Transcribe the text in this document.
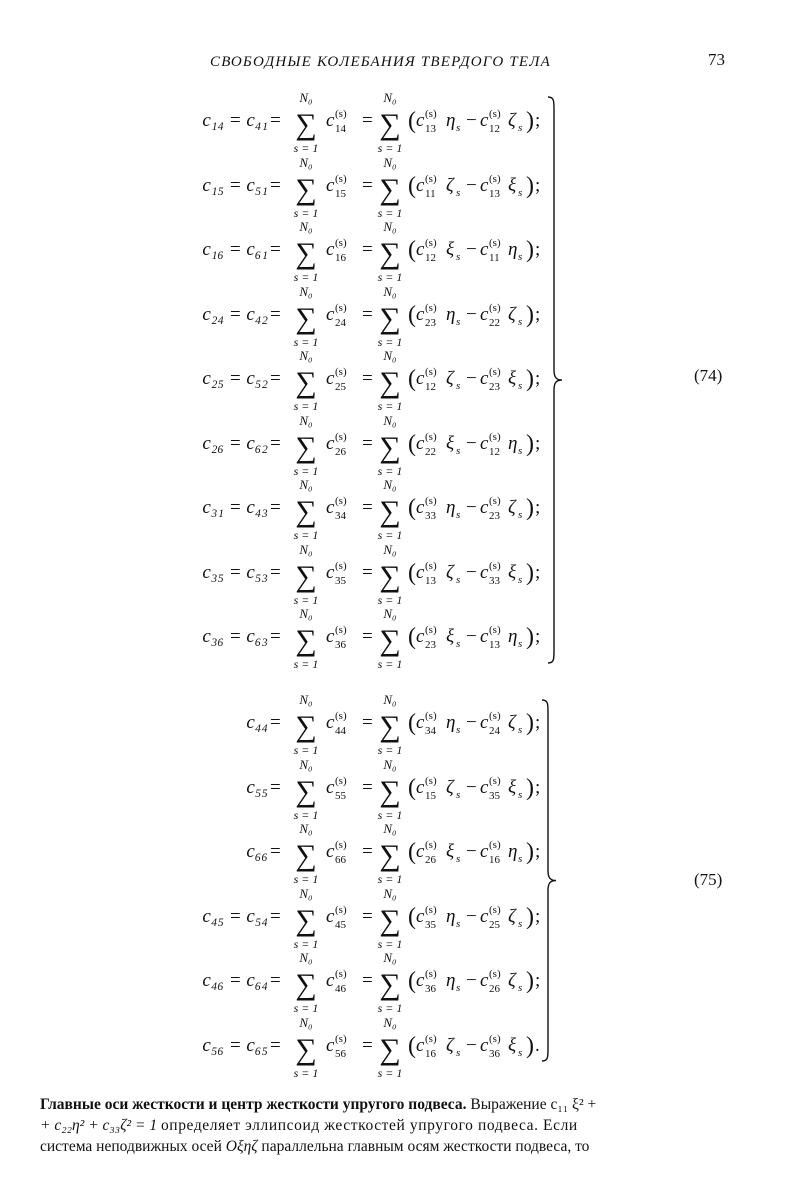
СВОБОДНЫЕ КОЛЕБАНИЯ ТВЕРДОГО ТЕЛА	73
c₁₄ = c₄₁ =
N₀
∑
s = 1
c (s)
14 =
N₀
∑
s = 1
( c (s)
13 η s − c (s)
12 ζ s ) ;
c₁₅ = c₅₁ =
N₀
∑
s = 1
c (s)
15 =
N₀
∑
s = 1
( c (s)
11 ζ s − c (s)
13 ξ s ) ;
c₁₆ = c₆₁ =
N₀
∑
s = 1
c (s)
16 =
N₀
∑
s = 1
( c (s)
12 ξ s − c (s)
11 η s ) ;
c₂₄ = c₄₂ =
N₀
∑
s = 1
c (s)
24 =
N₀
∑
s = 1
( c (s)
23 η s − c (s)
22 ζ s ) ;
c₂₅ = c₅₂ =
N₀
∑
s = 1
c (s)
25 =
N₀
∑
s = 1
( c (s)
12 ζ s − c (s)
23 ξ s ) ;
c₂₆ = c₆₂ =
N₀
∑
s = 1
c (s)
26 =
N₀
∑
s = 1
( c (s)
22 ξ s − c (s)
12 η s ) ;
c₃₁ = c₄₃ =
N₀
∑
s = 1
c (s)
34 =
N₀
∑
s = 1
( c (s)
33 η s − c (s)
23 ζ s ) ;
c₃₅ = c₅₃ =
N₀
∑
s = 1
c (s)
35 =
N₀
∑
s = 1
( c (s)
13 ζ s − c (s)
33 ξ s ) ;
c₃₆ = c₆₃ =
N₀
∑
s = 1
c (s)
36 =
N₀
∑
s = 1
( c (s)
23 ξ s − c (s)
13 η s ) ;
(74)
c₄₄ =
N₀
∑
s = 1
c (s)
44 =
N₀
∑
s = 1
( c (s)
34 η s − c (s)
24 ζ s ) ;
c₅₅ =
N₀
∑
s = 1
c (s)
55 =
N₀
∑
s = 1
( c (s)
15 ζ s − c (s)
35 ξ s ) ;
c₆₆ =
N₀
∑
s = 1
c (s)
66 =
N₀
∑
s = 1
( c (s)
26 ξ s − c (s)
16 η s ) ;
c₄₅ = c₅₄ =
N₀
∑
s = 1
c (s)
45 =
N₀
∑
s = 1
( c (s)
35 η s − c (s)
25 ζ s ) ;
c₄₆ = c₆₄ =
N₀
∑
s = 1
c (s)
46 =
N₀
∑
s = 1
( c (s)
36 η s − c (s)
26 ζ s ) ;
c₅₆ = c₆₅ =
N₀
∑
s = 1
c (s)
56 =
N₀
∑
s = 1
( c (s)
16 ζ s − c (s)
36 ξ s ) .
(75)
Главные оси жесткости и центр жесткости упругого подвеса. Выражение c₁₁ ξ² +
+ c₂₂η² + c₃₃ζ² = 1 определяет эллипсоид жесткостей упругого подвеса. Если
система неподвижных осей Oξηζ параллельна главным осям жесткости подвеса, то
